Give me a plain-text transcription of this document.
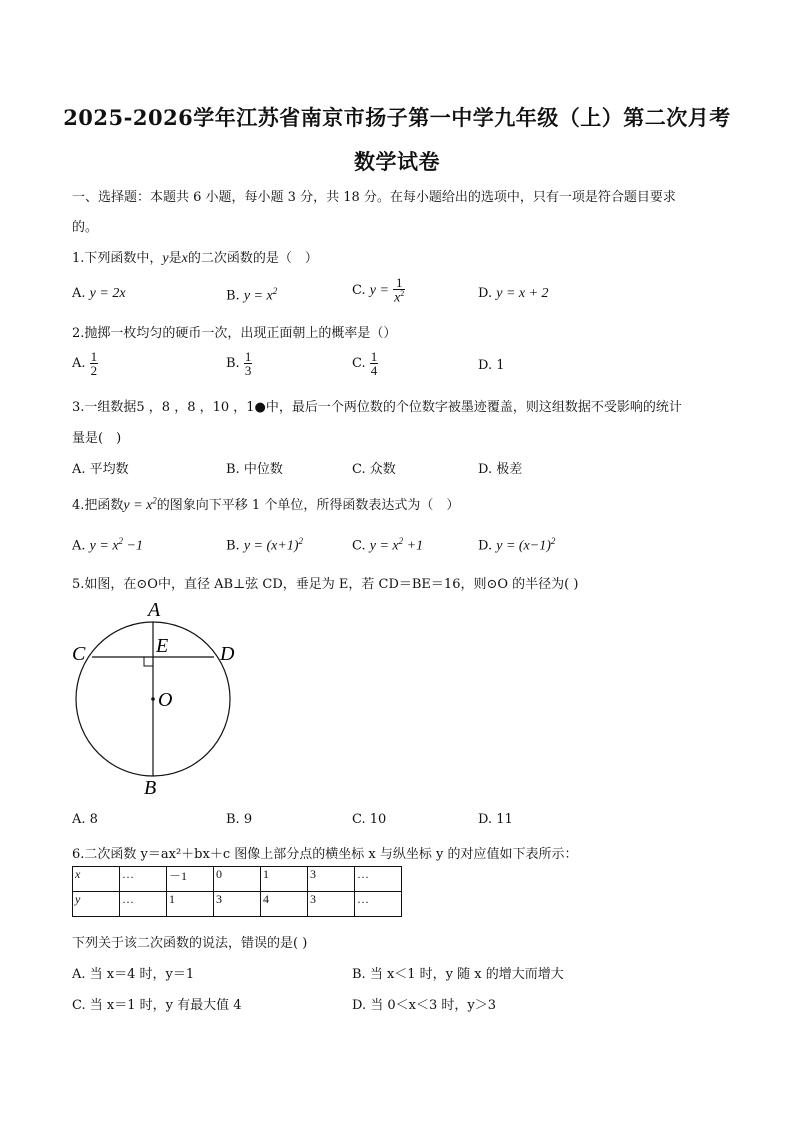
2025-2026学年江苏省南京市扬子第一中学九年级（上）第二次月考
数学试卷
一、选择题：本题共 6 小题，每小题 3 分，共 18 分。在每小题给出的选项中，只有一项是符合题目要求
的。
1.下列函数中，y是x的二次函数的是（　）
A. y = 2x	B. $y = x^2$	C. $y = \frac{1}{x^2}$	D. y = x + 2
2.抛掷一枚均匀的硬币一次，出现正面朝上的概率是（）
A. $\frac{1}{2}$	B. $\frac{1}{3}$	C. $\frac{1}{4}$	D. 1
3.一组数据5 ，8 ，8 ，10 ，1●中，最后一个两位数的个位数字被墨迹覆盖，则这组数据不受影响的统计
量是(　)
A. 平均数	B. 中位数	C. 众数	D. 极差
4.把函数$y = x^2$的图象向下平移 1 个单位，所得函数表达式为（　）
A. $y = x^2 -1$	B. $y = (x+1)^2$	C. $y = x^2 +1$	D. $y = (x-1)^2$
5.如图，在⊙O中，直径 AB⊥弦 CD，垂足为 E，若 CD＝BE＝16，则⊙O 的半径为( )
A
B
C	D
E
O
A. 8	B. 9	C. 10	D. 11
6.二次函数 y＝ax²＋bx＋c 图像上部分点的横坐标 x 与纵坐标 y 的对应值如下表所示：
x	…	－1	0	1	3	…
y	…	1	3	4	3	…
下列关于该二次函数的说法，错误的是( )
A. 当 x＝4 时，y＝1	B. 当 x＜1 时，y 随 x 的增大而增大
C. 当 x＝1 时，y 有最大值 4	D. 当 0＜x＜3 时，y＞3
